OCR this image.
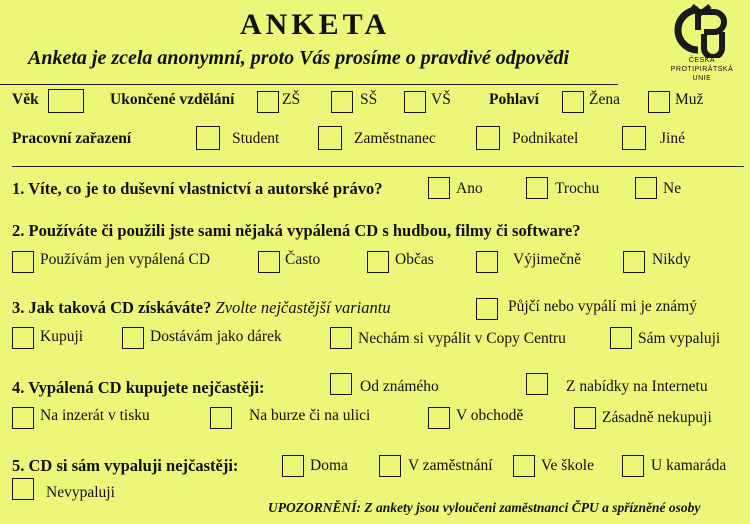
ANKETA
Anketa je zcela anonymní, proto Vás prosíme o pravdivé odpovědi	ČESKÁ
PROTIPIRÁTSKÁ
UNIE
Věk	Ukončené vzdělání	ZŠ	SŠ	VŠ Pohlaví	Žena	Muž
Pracovní zařazení	Student	Zaměstnanec	Podnikatel	Jiné
1. Víte, co je to duševní vlastnictví a autorské právo?	Ano	Trochu	Ne
2. Používáte či použili jste sami nějaká vypálená CD s hudbou, filmy či software?
Používám jen vypálená CD	Často	Občas	Výjimečně	Nikdy
3. Jak taková CD získáváte? Zvolte nejčastější variantu	Půjčí nebo vypálí mi je známý
Kupuji	Dostávám jako dárek	Nechám si vypálit v Copy Centru	Sám vypaluji
4. Vypálená CD kupujete nejčastěji:	Od známého	Z nabídky na Internetu
Na inzerát v tisku	Na burze či na ulici	V obchodě	Zásadně nekupuji
5. CD si sám vypaluji nejčastěji:	Doma	V zaměstnání	Ve škole	U kamaráda
Nevypaluji
UPOZORNĚNÍ: Z ankety jsou vyloučeni zaměstnanci ČPU a spřízněné osoby
